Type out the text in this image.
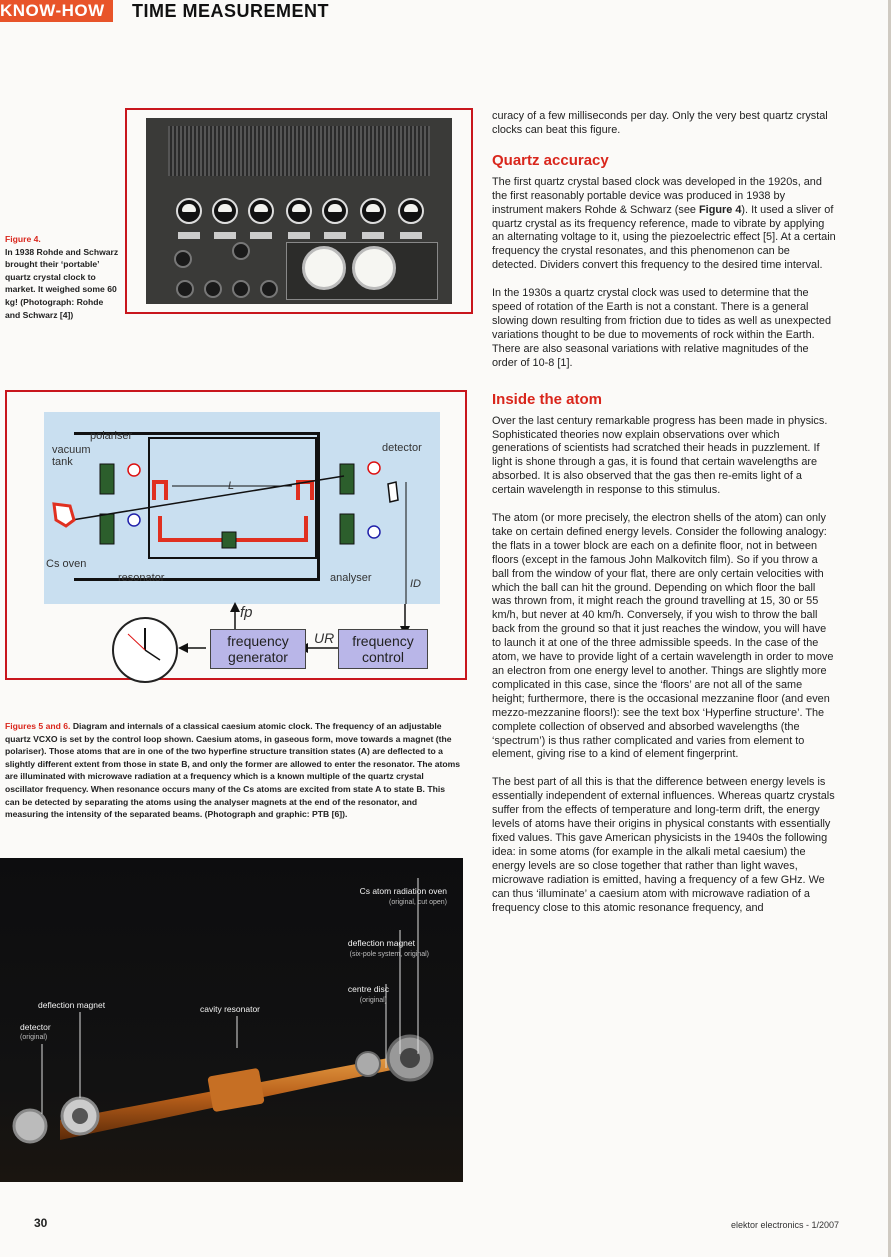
KNOW-HOW	TIME MEASUREMENT
Figure 4.
In 1938 Rohde and Schwarz brought their ‘portable’ quartz crystal clock to market. It weighed some 60 kg! (Photograph: Rohde and Schwarz [4])
polariser
vacuum tank
detector
Cs oven
resonator	analyser
L
ID
fp
UR
frequency generator
frequency control
Figures 5 and 6. Diagram and internals of a classical caesium atomic clock. The frequency of an adjustable quartz VCXO is set by the control loop shown. Caesium atoms, in gaseous form, move towards a magnet (the polariser). Those atoms that are in one of the two hyperfine structure transition states (A) are deflected to a slightly different extent from those in state B, and only the former are allowed to enter the resonator. The atoms are illuminated with microwave radiation at a frequency which is a known multiple of the quartz crystal oscillator frequency. When resonance occurs many of the Cs atoms are excited from state A to state B. This can be detected by separating the atoms using the analyser magnets at the end of the resonator, and measuring the intensity of the separated beams. (Photograph and graphic: PTB [6]).
Cs atom radiation oven
(original, cut open)
deflection magnet
(six-pole system, original)
centre disc
(original)
cavity resonator
deflection magnet
detector
(original)

curacy of a few milliseconds per day. Only the very best quartz crystal clocks can beat this figure.

Quartz accuracy

The first quartz crystal based clock was developed in the 1920s, and the first reasonably portable device was produced in 1938 by instrument makers Rohde & Schwarz (see Figure 4). It used a sliver of quartz crystal as its frequency reference, made to vibrate by applying an alternating voltage to it, using the piezoelectric effect [5]. At a certain frequency the crystal resonates, and this phenomenon can be detected. Dividers convert this frequency to the desired time interval.

In the 1930s a quartz crystal clock was used to determine that the speed of rotation of the Earth is not a constant. There is a general slowing down resulting from friction due to tides as well as unexpected variations thought to be due to movements of rock within the Earth. There are also seasonal variations with relative magnitudes of the order of 10-8 [1].

Inside the atom

Over the last century remarkable progress has been made in physics. Sophisticated theories now explain observations over which generations of scientists had scratched their heads in puzzlement. If light is shone through a gas, it is found that certain wavelengths are absorbed. It is also observed that the gas then re-emits light of a certain wavelength in response to this stimulus.

The atom (or more precisely, the electron shells of the atom) can only take on certain defined energy levels. Consider the following analogy: the flats in a tower block are each on a definite floor, not in between floors (except in the famous John Malkovitch film). So if you throw a ball from the window of your flat, there are only certain velocities with which the ball can hit the ground. Depending on which floor the ball was thrown from, it might reach the ground travelling at 15, 30 or 55 km/h, but never at 40 km/h. Conversely, if you wish to throw the ball back from the ground so that it just reaches the window, you will have to launch it at one of the three admissible speeds. In the case of the atom, we have to provide light of a certain wavelength in order to move an electron from one energy level to another. Things are slightly more complicated in this case, since the ‘floors’ are not all of the same height; furthermore, there is the occasional mezzanine floor (and even mezzo-mezzanine floors!): see the text box ‘Hyperfine structure’. The complete collection of observed and absorbed wavelengths (the ‘spectrum’) is thus rather complicated and varies from element to element, giving rise to a kind of element fingerprint.

The best part of all this is that the difference between energy levels is essentially independent of external influences. Whereas quartz crystals suffer from the effects of temperature and long-term drift, the energy levels of atoms have their origins in physical constants with essentially fixed values. This gave American physicists in the 1940s the following idea: in some atoms (for example in the alkali metal caesium) the energy levels are so close together that rather than light waves, microwave radiation is emitted, having a frequency of a few GHz. We can thus ‘illuminate’ a caesium atom with microwave radiation of a frequency close to this atomic resonance frequency, and

30	elektor electronics - 1/2007
